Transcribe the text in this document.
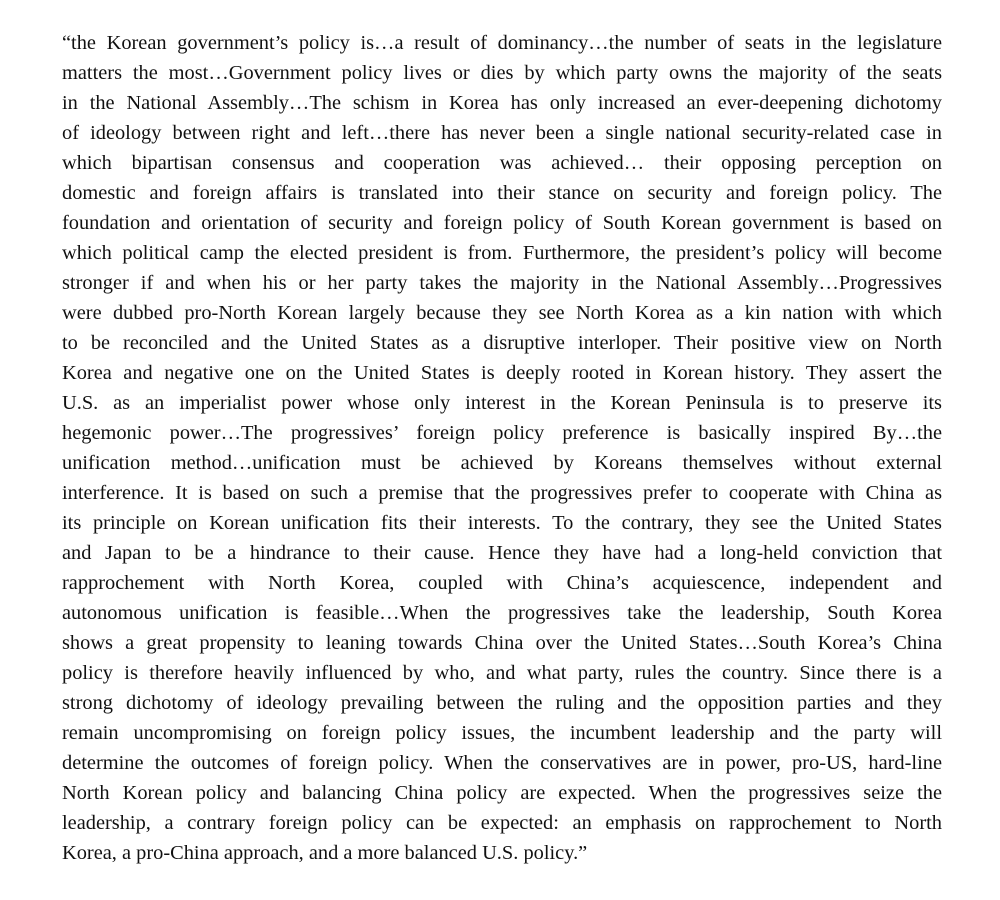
“the Korean government’s policy is…a result of dominancy…the number of seats in the legislature
matters the most…Government policy lives or dies by which party owns the majority of the seats
in the National Assembly…The schism in Korea has only increased an ever-deepening dichotomy
of ideology between right and left…there has never been a single national security-related case in
which bipartisan consensus and cooperation was achieved… their opposing perception on
domestic and foreign affairs is translated into their stance on security and foreign policy. The
foundation and orientation of security and foreign policy of South Korean government is based on
which political camp the elected president is from. Furthermore, the president’s policy will become
stronger if and when his or her party takes the majority in the National Assembly…Progressives
were dubbed pro-North Korean largely because they see North Korea as a kin nation with which
to be reconciled and the United States as a disruptive interloper. Their positive view on North
Korea and negative one on the United States is deeply rooted in Korean history. They assert the
U.S. as an imperialist power whose only interest in the Korean Peninsula is to preserve its
hegemonic power…The progressives’ foreign policy preference is basically inspired By…the
unification method…unification must be achieved by Koreans themselves without external
interference. It is based on such a premise that the progressives prefer to cooperate with China as
its principle on Korean unification fits their interests. To the contrary, they see the United States
and Japan to be a hindrance to their cause. Hence they have had a long-held conviction that
rapprochement with North Korea, coupled with China’s acquiescence, independent and
autonomous unification is feasible…When the progressives take the leadership, South Korea
shows a great propensity to leaning towards China over the United States…South Korea’s China
policy is therefore heavily influenced by who, and what party, rules the country. Since there is a
strong dichotomy of ideology prevailing between the ruling and the opposition parties and they
remain uncompromising on foreign policy issues, the incumbent leadership and the party will
determine the outcomes of foreign policy. When the conservatives are in power, pro-US, hard-line
North Korean policy and balancing China policy are expected. When the progressives seize the
leadership, a contrary foreign policy can be expected: an emphasis on rapprochement to North
Korea, a pro-China approach, and a more balanced U.S. policy.”
